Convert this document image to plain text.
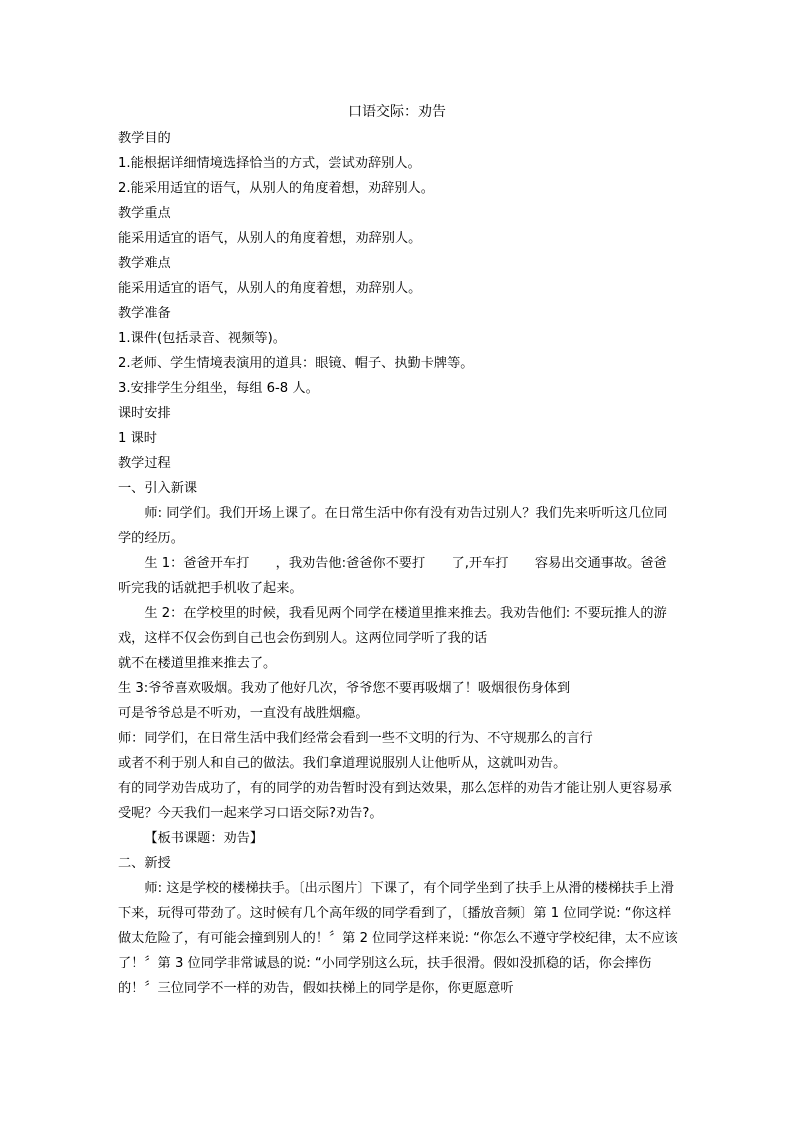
口语交际：劝告

教学目的

1.能根据详细情境选择恰当的方式，尝试劝辞别人。

2.能采用适宜的语气，从别人的角度着想，劝辞别人。

教学重点

能采用适宜的语气，从别人的角度着想，劝辞别人。

教学难点

能采用适宜的语气，从别人的角度着想，劝辞别人。

教学准备

1.课件(包括录音、视频等)。

2.老师、学生情境表演用的道具：眼镜、帽子、执勤卡牌等。

3.安排学生分组坐，每组 6-8 人。

课时安排

1 课时

教学过程

一、引入新课

师: 同学们。我们开场上课了。在日常生活中你有没有劝告过别人？我们先来听听这几位同学的经历。

生 1：爸爸开车打　　，我劝告他:爸爸你不要打　　了,开车打　　容易出交通事故。爸爸听完我的话就把手机收了起来。

生 2：在学校里的时候，我看见两个同学在楼道里推来推去。我劝告他们: 不要玩推人的游戏，这样不仅会伤到自己也会伤到别人。这两位同学听了我的话

就不在楼道里推来推去了。

生 3:爷爷喜欢吸烟。我劝了他好几次，爷爷您不要再吸烟了！吸烟很伤身体到

可是爷爷总是不听劝，一直没有战胜烟瘾。

师：同学们，在日常生活中我们经常会看到一些不文明的行为、不守规那么的言行

或者不利于别人和自己的做法。我们拿道理说服别人让他听从，这就叫劝告。

有的同学劝告成功了，有的同学的劝告暂时没有到达效果，那么怎样的劝告才能让别人更容易承受呢？今天我们一起来学习口语交际?劝告?。

【板书课题：劝告】

二、新授

师: 这是学校的楼梯扶手。〔出示图片〕下课了，有个同学坐到了扶手上从滑的楼梯扶手上滑下来，玩得可带劲了。这时候有几个高年级的同学看到了，〔播放音频〕第 1 位同学说: “你这样做太危险了，有可能会撞到别人的！〞第 2 位同学这样来说: “你怎么不遵守学校纪律，太不应该了！〞第 3 位同学非常诚恳的说: “小同学别这么玩，扶手很滑。假如没抓稳的话，你会摔伤的！〞三位同学不一样的劝告，假如扶梯上的同学是你，你更愿意听
